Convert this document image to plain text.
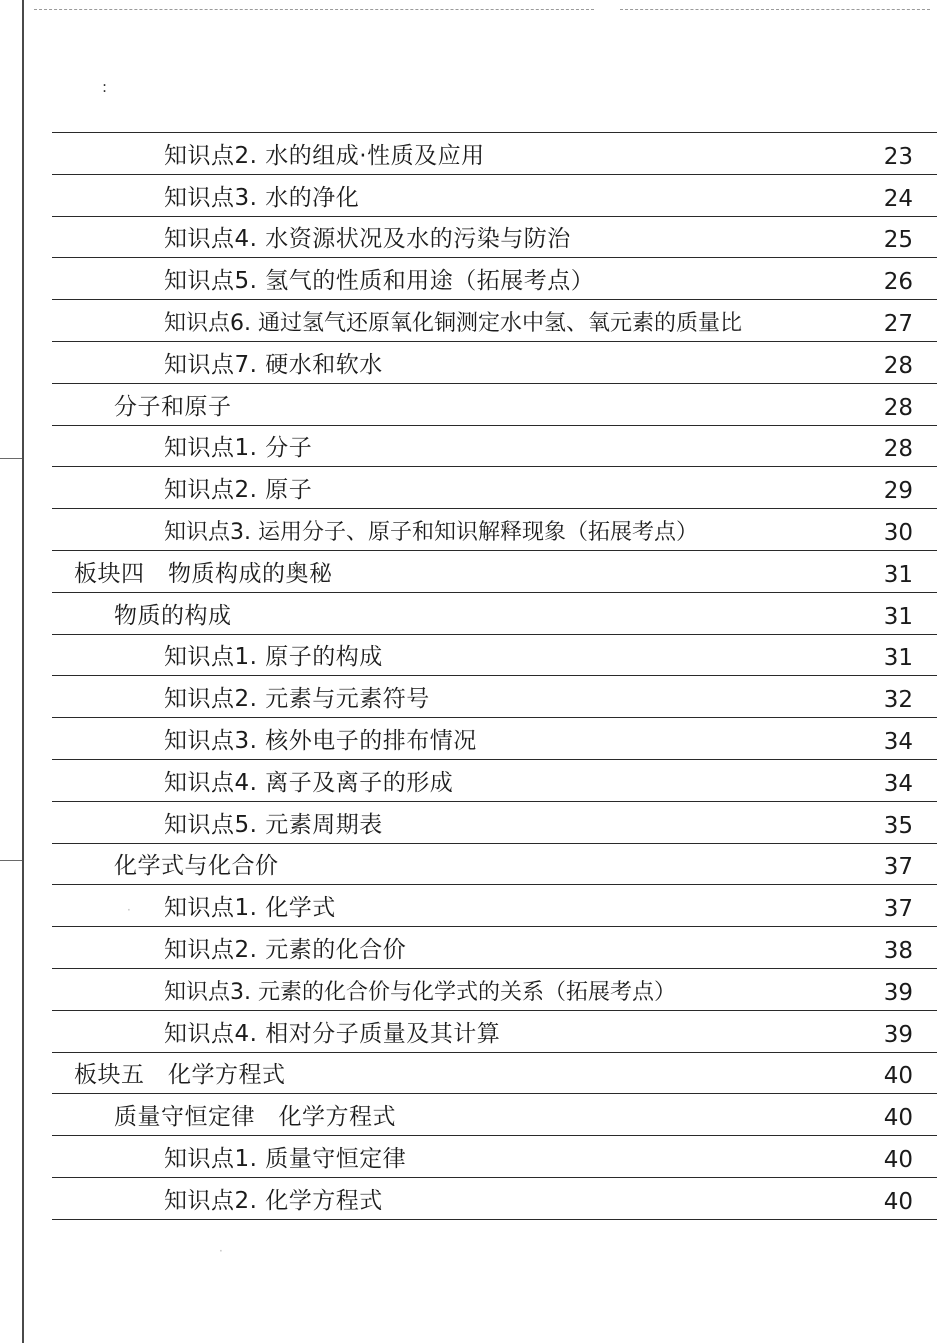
:
·
·
知识点2. 水的组成·性质及应用	23
知识点3. 水的净化	24
知识点4. 水资源状况及水的污染与防治	25
知识点5. 氢气的性质和用途（拓展考点）	26
知识点6. 通过氢气还原氧化铜测定水中氢、氧元素的质量比	27
知识点7. 硬水和软水	28
分子和原子	28
知识点1. 分子	28
知识点2. 原子	29
知识点3. 运用分子、原子和知识解释现象（拓展考点）	30
板块四　物质构成的奥秘	31
物质的构成	31
知识点1. 原子的构成	31
知识点2. 元素与元素符号	32
知识点3. 核外电子的排布情况	34
知识点4. 离子及离子的形成	34
知识点5. 元素周期表	35
化学式与化合价	37
知识点1. 化学式	37
知识点2. 元素的化合价	38
知识点3. 元素的化合价与化学式的关系（拓展考点）	39
知识点4. 相对分子质量及其计算	39
板块五　化学方程式	40
质量守恒定律　化学方程式	40
知识点1. 质量守恒定律	40
知识点2. 化学方程式	40
